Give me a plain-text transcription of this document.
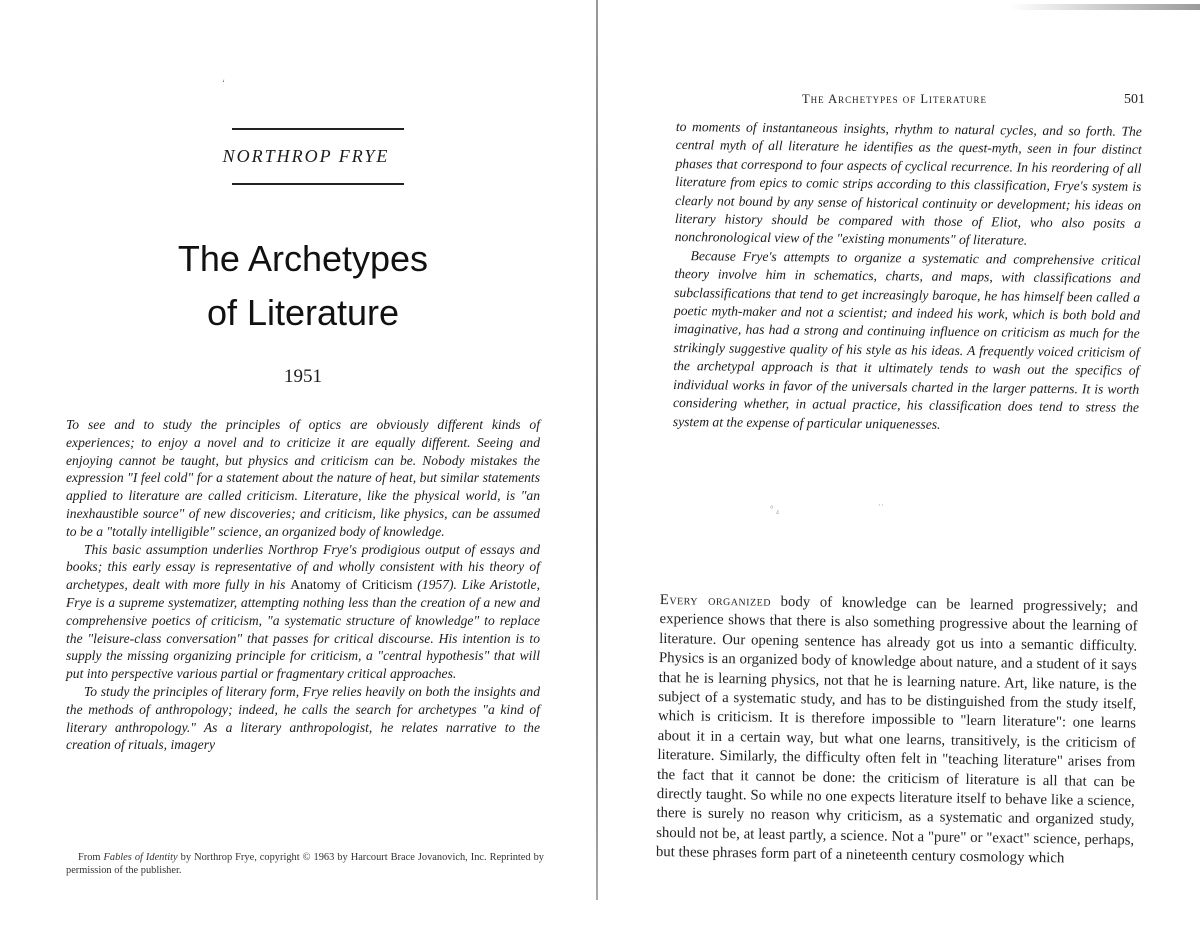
‘
NORTHROP FRYE
The Archetypes
of Literature
1951

To see and to study the principles of optics are obviously different kinds of experiences; to enjoy a novel and to criticize it are equally different. Seeing and enjoying cannot be taught, but physics and criticism can be. Nobody mistakes the expression "I feel cold" for a statement about the nature of heat, but similar statements applied to literature are called criticism. Literature, like the physical world, is "an inexhaustible source" of new discoveries; and criticism, like physics, can be assumed to be a "totally intelligible" science, an organized body of knowledge.

This basic assumption underlies Northrop Frye's prodigious output of essays and books; this early essay is representative of and wholly consistent with his theory of archetypes, dealt with more fully in his Anatomy of Criticism (1957). Like Aristotle, Frye is a supreme systematizer, attempting nothing less than the creation of a new and comprehensive poetics of criticism, "a systematic structure of knowledge" to replace the "leisure-class conversation" that passes for critical discourse. His intention is to supply the missing organizing principle for criticism, a "central hypothesis" that will put into perspective various partial or fragmentary critical approaches.

To study the principles of literary form, Frye relies heavily on both the insights and the methods of anthropology; indeed, he calls the search for archetypes "a kind of literary anthropology." As a literary anthropologist, he relates narrative to the creation of rituals, imagery

From Fables of Identity by Northrop Frye, copyright © 1963 by Harcourt Brace Jovanovich, Inc. Reprinted by permission of the publisher.
The Archetypes of Literature	501

to moments of instantaneous insights, rhythm to natural cycles, and so forth. The central myth of all literature he identifies as the quest-myth, seen in four distinct phases that correspond to four aspects of cyclical recurrence. In his reordering of all literature from epics to comic strips according to this classification, Frye's system is clearly not bound by any sense of historical continuity or development; his ideas on literary history should be compared with those of Eliot, who also posits a nonchronological view of the "existing monuments" of literature.

Because Frye's attempts to organize a systematic and comprehensive critical theory involve him in schematics, charts, and maps, with classifications and subclassifications that tend to get increasingly baroque, he has himself been called a poetic myth-maker and not a scientist; and indeed his work, which is both bold and imaginative, has had a strong and continuing influence on criticism as much for the strikingly suggestive quality of his style as his ideas. A frequently voiced criticism of the archetypal approach is that it ultimately tends to wash out the specifics of individual works in favor of the universals charted in the larger patterns. It is worth considering whether, in actual practice, his classification does tend to stress the system at the expense of particular uniquenesses.

° ₄	··

Every organized body of knowledge can be learned progressively; and experience shows that there is also something progressive about the learning of literature. Our opening sentence has already got us into a semantic difficulty. Physics is an organized body of knowledge about nature, and a student of it says that he is learning physics, not that he is learning nature. Art, like nature, is the subject of a systematic study, and has to be distinguished from the study itself, which is criticism. It is therefore impossible to "learn literature": one learns about it in a certain way, but what one learns, transitively, is the criticism of literature. Similarly, the difficulty often felt in "teaching literature" arises from the fact that it cannot be done: the criticism of literature is all that can be directly taught. So while no one expects literature itself to behave like a science, there is surely no reason why criticism, as a systematic and organized study, should not be, at least partly, a science. Not a "pure" or "exact" science, perhaps, but these phrases form part of a nineteenth century cosmology which
